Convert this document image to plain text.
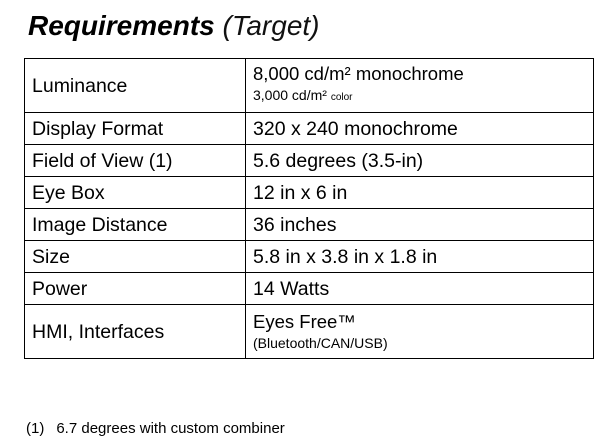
Requirements (Target)
Luminance	8,000 cd/m² monochrome
3,000 cd/m² color

Display Format	320 x 240 monochrome
Field of View (1)	5.6 degrees (3.5-in)
Eye Box	12 in x 6 in
Image Distance	36 inches
Size	5.8 in x 3.8 in x 1.8 in
Power	14 Watts
HMI, Interfaces	Eyes Free™
(Bluetooth/CAN/USB)

(1) 6.7 degrees with custom combiner
